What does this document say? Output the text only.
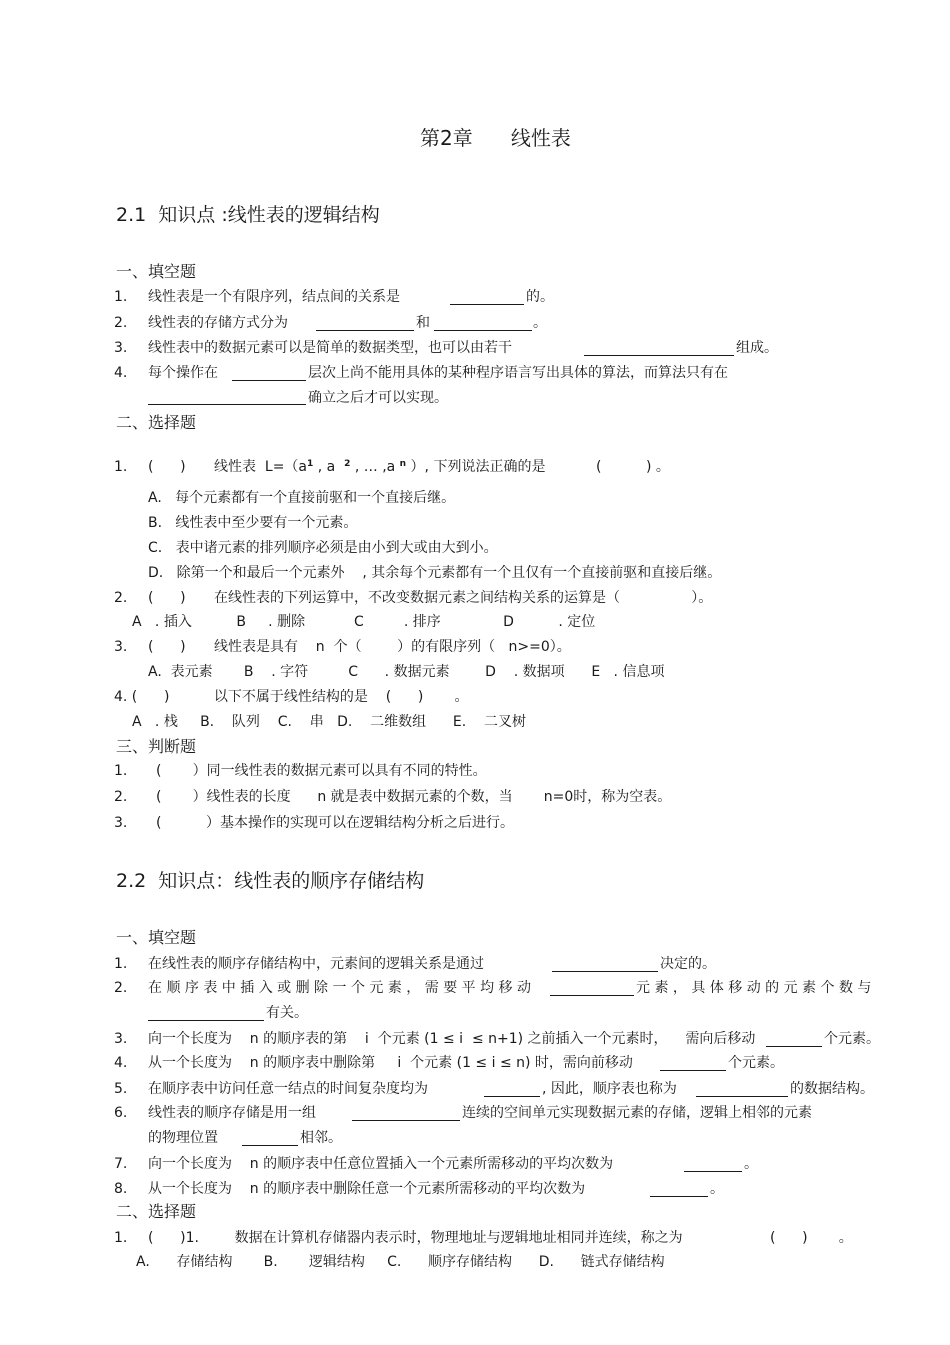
第2章      线性表
2.1  知识点 :线性表的逻辑结构
一、填空题
1. 线性表是一个有限序列，结点间的关系是	的。
2. 线性表的存储方式分为	和	。
3. 线性表中的数据元素可以是简单的数据类型，也可以由若干	组成。
4. 每个操作在	层次上尚不能用具体的某种程序语言写出具体的算法，而算法只有在
确立之后才可以实现。
二、选择题
1. (      ) 线性表  $L=(a^1$ , a  $^2$ , … ,a $^n$ ）, 下列说法正确的是	(          ) 。
A.   每个元素都有一个直接前驱和一个直接后继。
B.   线性表中至少要有一个元素。
C.   表中诸元素的排列顺序必须是由小到大或由大到小。
D.   除第一个和最后一个元素外    , 其余每个元素都有一个且仅有一个直接前驱和直接后继。
2. (      ) 在线性表的下列运算中，不改变数据元素之间结构关系的运算是（                ）。
A   . 插入          B     . 删除           C         . 排序              D          . 定位
3. (      ) 线性表是具有    n  个（        ）的有限序列（   n>=0）。
A.  表元素       B    . 字符         C      . 数据元素        D    . 数据项      E   . 信息项
4. (      )          以下不属于线性结构的是    (      )       。
A   . 栈     B.    队列    C.    串   D.    二维数组      E.    二叉树
三、判断题
1. (       ）同一线性表的数据元素可以具有不同的特性。
2. (       ）线性表的长度      n 就是表中数据元素的个数，当       n=0时，称为空表。
3. (          ）基本操作的实现可以在逻辑结构分析之后进行。
2.2  知识点：线性表的顺序存储结构
一、填空题
1. 在线性表的顺序存储结构中，元素间的逻辑关系是通过	决定的。
2. 在 顺 序 表 中 插 入 或 删 除 一 个 元 素 ， 需 要 平 均 移 动	元 素 ， 具 体 移 动 的 元 素 个 数 与
有关。
3. 向一个长度为    n 的顺序表的第    i  个元素 (1 ≤ i  ≤ n+1) 之前插入一个元素时，    需向后移动	个元素。
4. 从一个长度为    n 的顺序表中删除第     i  个元素 (1 ≤ i ≤ n) 时，需向前移动	个元素。
5. 在顺序表中访问任意一结点的时间复杂度均为	, 因此，顺序表也称为	的数据结构。
6. 线性表的顺序存储是用一组	连续的空间单元实现数据元素的存储，逻辑上相邻的元素
的物理位置	相邻。
7. 向一个长度为    n 的顺序表中任意位置插入一个元素所需移动的平均次数为	。
8. 从一个长度为    n 的顺序表中删除任意一个元素所需移动的平均次数为	。
二、选择题
1. (      )1.        数据在计算机存储器内表示时，物理地址与逻辑地址相同并连续，称之为	(      )       。
A.      存储结构       B.       逻辑结构     C.      顺序存储结构      D.      链式存储结构
